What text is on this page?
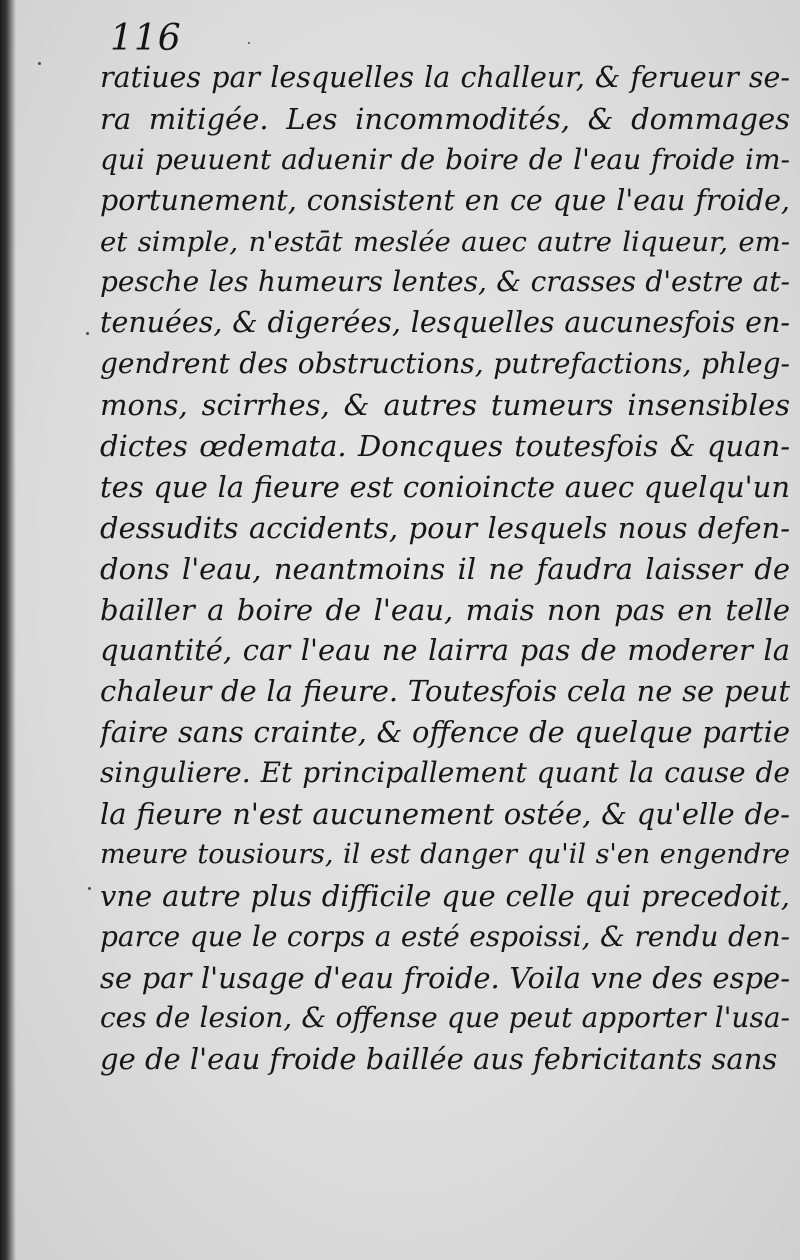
116
ratiues par lesquelles la challeur, & ferueur se-
ra mitigée. Les incommodités, & dommages
qui peuuent aduenir de boire de l'eau froide im-
portunement, consistent en ce que l'eau froide,
et simple, n'estāt meslée auec autre liqueur, em-
pesche les humeurs lentes, & crasses d'estre at-
tenuées, & digerées, lesquelles aucunesfois en-
gendrent des obstructions, putrefactions, phleg-
mons, scirrhes, & autres tumeurs insensibles
dictes œdemata. Doncques toutesfois & quan-
tes que la fieure est conioincte auec quelqu'un
dessudits accidents, pour lesquels nous defen-
dons l'eau, neantmoins il ne faudra laisser de
bailler a boire de l'eau, mais non pas en telle
quantité, car l'eau ne lairra pas de moderer la
chaleur de la fieure. Toutesfois cela ne se peut
faire sans crainte, & offence de quelque partie
singuliere. Et principallement quant la cause de
la fieure n'est aucunement ostée, & qu'elle de-
meure tousiours, il est danger qu'il s'en engendre
vne autre plus difficile que celle qui precedoit,
parce que le corps a esté espoissi, & rendu den-
se par l'usage d'eau froide. Voila vne des espe-
ces de lesion, & offense que peut apporter l'usa-
ge de l'eau froide baillée aus febricitants sans
